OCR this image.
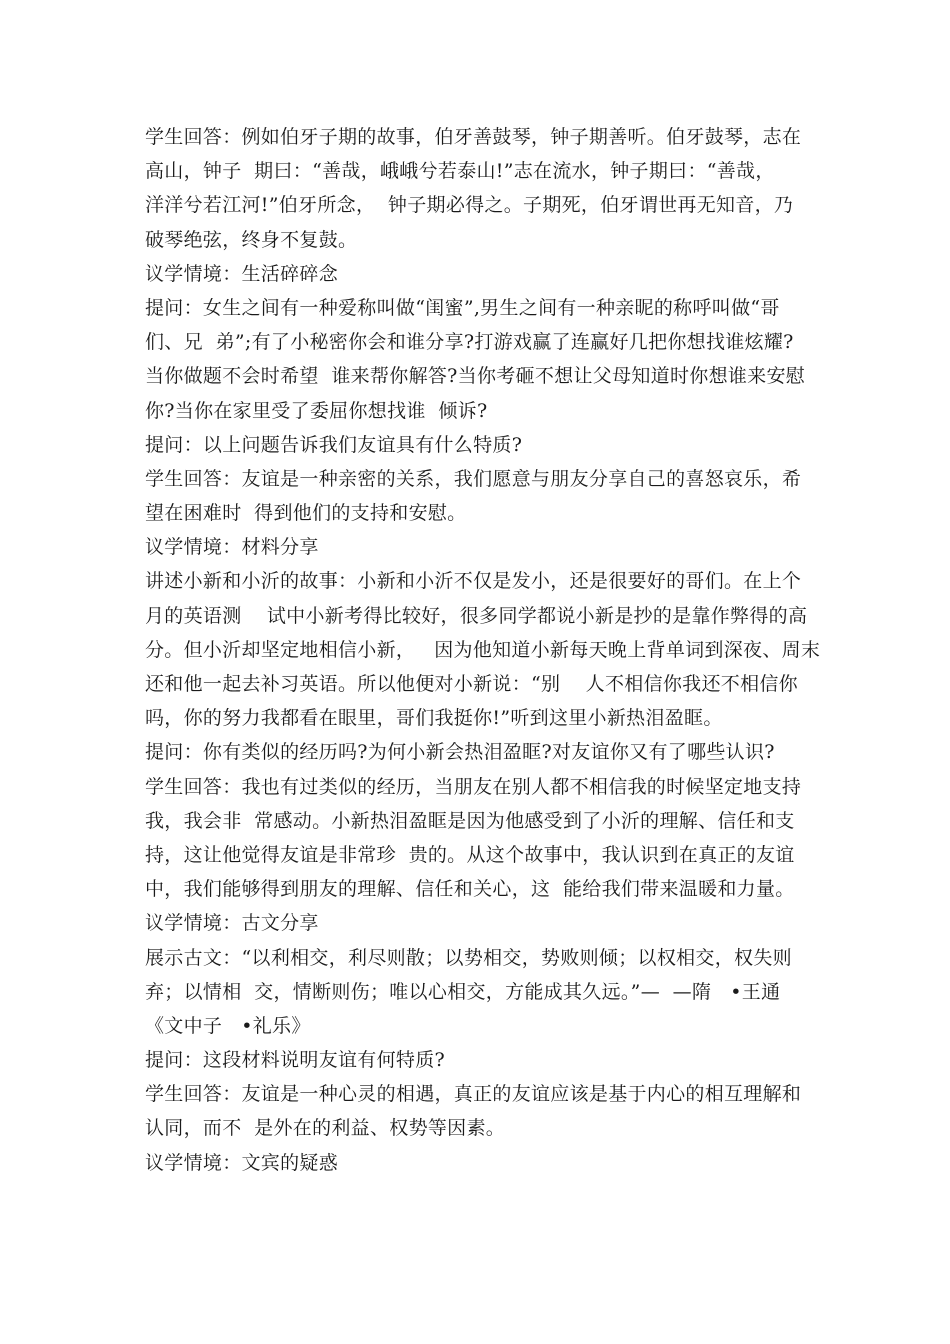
学生回答：例如伯牙子期的故事，伯牙善鼓琴，钟子期善听。伯牙鼓琴，志在
高山，钟子  期曰：“善哉，峨峨兮若泰山!”志在流水，钟子期曰：“善哉，
洋洋兮若江河!”伯牙所念，  钟子期必得之。子期死，伯牙谓世再无知音，乃
破琴绝弦，终身不复鼓。
议学情境：生活碎碎念
提问：女生之间有一种爱称叫做“闺蜜”,男生之间有一种亲昵的称呼叫做“哥
们、兄  弟”;有了小秘密你会和谁分享?打游戏赢了连赢好几把你想找谁炫耀?
当你做题不会时希望  谁来帮你解答?当你考砸不想让父母知道时你想谁来安慰
你?当你在家里受了委屈你想找谁  倾诉?
提问：以上问题告诉我们友谊具有什么特质?
学生回答：友谊是一种亲密的关系，我们愿意与朋友分享自己的喜怒哀乐，希
望在困难时  得到他们的支持和安慰。
议学情境：材料分享
讲述小新和小沂的故事：小新和小沂不仅是发小，还是很要好的哥们。在上个
月的英语测    试中小新考得比较好，很多同学都说小新是抄的是靠作弊得的高
分。但小沂却坚定地相信小新，   因为他知道小新每天晚上背单词到深夜、周末
还和他一起去补习英语。所以他便对小新说：“别    人不相信你我还不相信你
吗，你的努力我都看在眼里，哥们我挺你!”听到这里小新热泪盈眶。
提问：你有类似的经历吗?为何小新会热泪盈眶?对友谊你又有了哪些认识?
学生回答：我也有过类似的经历，当朋友在别人都不相信我的时候坚定地支持
我，我会非  常感动。小新热泪盈眶是因为他感受到了小沂的理解、信任和支
持，这让他觉得友谊是非常珍  贵的。从这个故事中，我认识到在真正的友谊
中，我们能够得到朋友的理解、信任和关心，这  能给我们带来温暖和力量。
议学情境：古文分享
展示古文：“以利相交，利尽则散；以势相交，势败则倾；以权相交，权失则
弃；以情相  交，情断则伤；唯以心相交，方能成其久远。”—  —隋   •王通
《文中子   •礼乐》
提问：这段材料说明友谊有何特质?
学生回答：友谊是一种心灵的相遇，真正的友谊应该是基于内心的相互理解和
认同，而不  是外在的利益、权势等因素。
议学情境：文宾的疑惑
